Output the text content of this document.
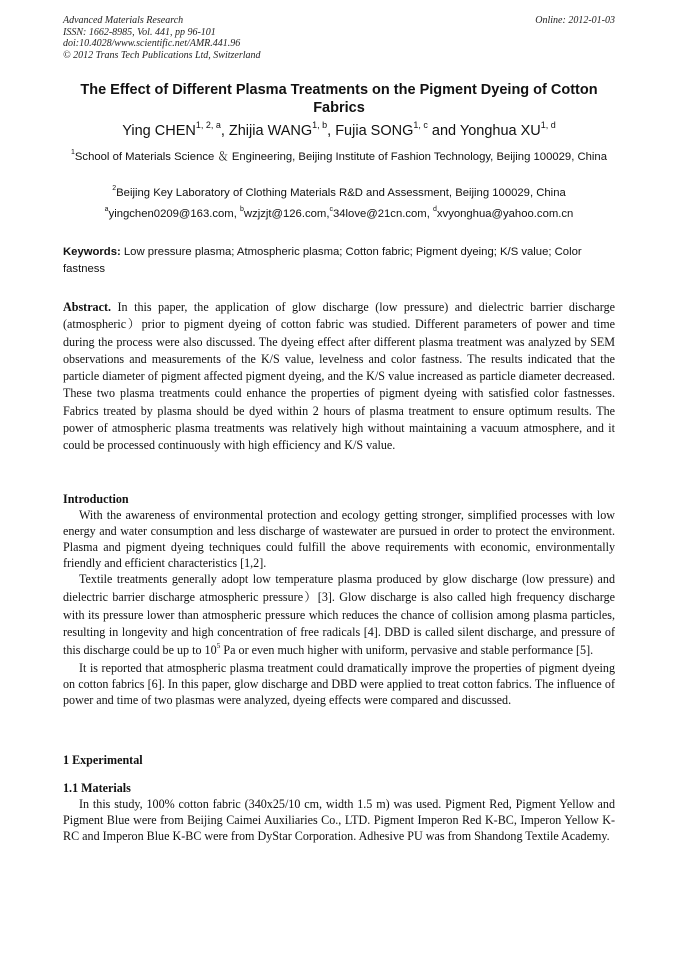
Advanced Materials Research
ISSN: 1662-8985, Vol. 441, pp 96-101
doi:10.4028/www.scientific.net/AMR.441.96
© 2012 Trans Tech Publications Ltd, Switzerland
Online: 2012-01-03
The Effect of Different Plasma Treatments on the Pigment Dyeing of Cotton Fabrics
Ying CHEN$^{1, 2, a}$, Zhijia WANG$^{1, b}$, Fujia SONG$^{1, c}$ and Yonghua XU$^{1, d}$
$^1$School of Materials Science ＆ Engineering, Beijing Institute of Fashion Technology, Beijing 100029, China
$^2$Beijing Key Laboratory of Clothing Materials R&D and Assessment, Beijing 100029, China
$^a$yingchen0209@163.com, $^b$wzjzjt@126.com,$^c$34love@21cn.com, $^d$xvyonghua@yahoo.com.cn
Keywords: Low pressure plasma; Atmospheric plasma; Cotton fabric; Pigment dyeing; K/S value; Color fastness
Abstract. In this paper, the application of glow discharge (low pressure) and dielectric barrier discharge (atmospheric）prior to pigment dyeing of cotton fabric was studied. Different parameters of power and time during the process were also discussed. The dyeing effect after different plasma treatment was analyzed by SEM observations and measurements of the K/S value, levelness and color fastness. The results indicated that the particle diameter of pigment affected pigment dyeing, and the K/S value increased as particle diameter decreased. These two plasma treatments could enhance the properties of pigment dyeing with satisfied color fastnesses. Fabrics treated by plasma should be dyed within 2 hours of plasma treatment to ensure optimum results. The power of atmospheric plasma treatments was relatively high without maintaining a vacuum atmosphere, and it could be processed continuously with high efficiency and K/S value.

Introduction

With the awareness of environmental protection and ecology getting stronger, simplified processes with low energy and water consumption and less discharge of wastewater are pursued in order to protect the environment. Plasma and pigment dyeing techniques could fulfill the above requirements with economic, environmentally friendly and efficient characteristics [1,2].

Textile treatments generally adopt low temperature plasma produced by glow discharge (low pressure) and dielectric barrier discharge atmospheric pressure）[3]. Glow discharge is also called high frequency discharge with its pressure lower than atmospheric pressure which reduces the chance of collision among plasma particles, resulting in longevity and high concentration of free radicals [4]. DBD is called silent discharge, and pressure of this discharge could be up to $10^5$ Pa or even much higher with uniform, pervasive and stable performance [5].

It is reported that atmospheric plasma treatment could dramatically improve the properties of pigment dyeing on cotton fabrics [6]. In this paper, glow discharge and DBD were applied to treat cotton fabrics. The influence of power and time of two plasmas were analyzed, dyeing effects were compared and discussed.

1 Experimental

1.1 Materials

In this study, 100% cotton fabric (340x25/10 cm, width 1.5 m) was used. Pigment Red, Pigment Yellow and Pigment Blue were from Beijing Caimei Auxiliaries Co., LTD. Pigment Imperon Red K-BC, Imperon Yellow K-RC and Imperon Blue K-BC were from DyStar Corporation. Adhesive PU was from Shandong Textile Academy.
